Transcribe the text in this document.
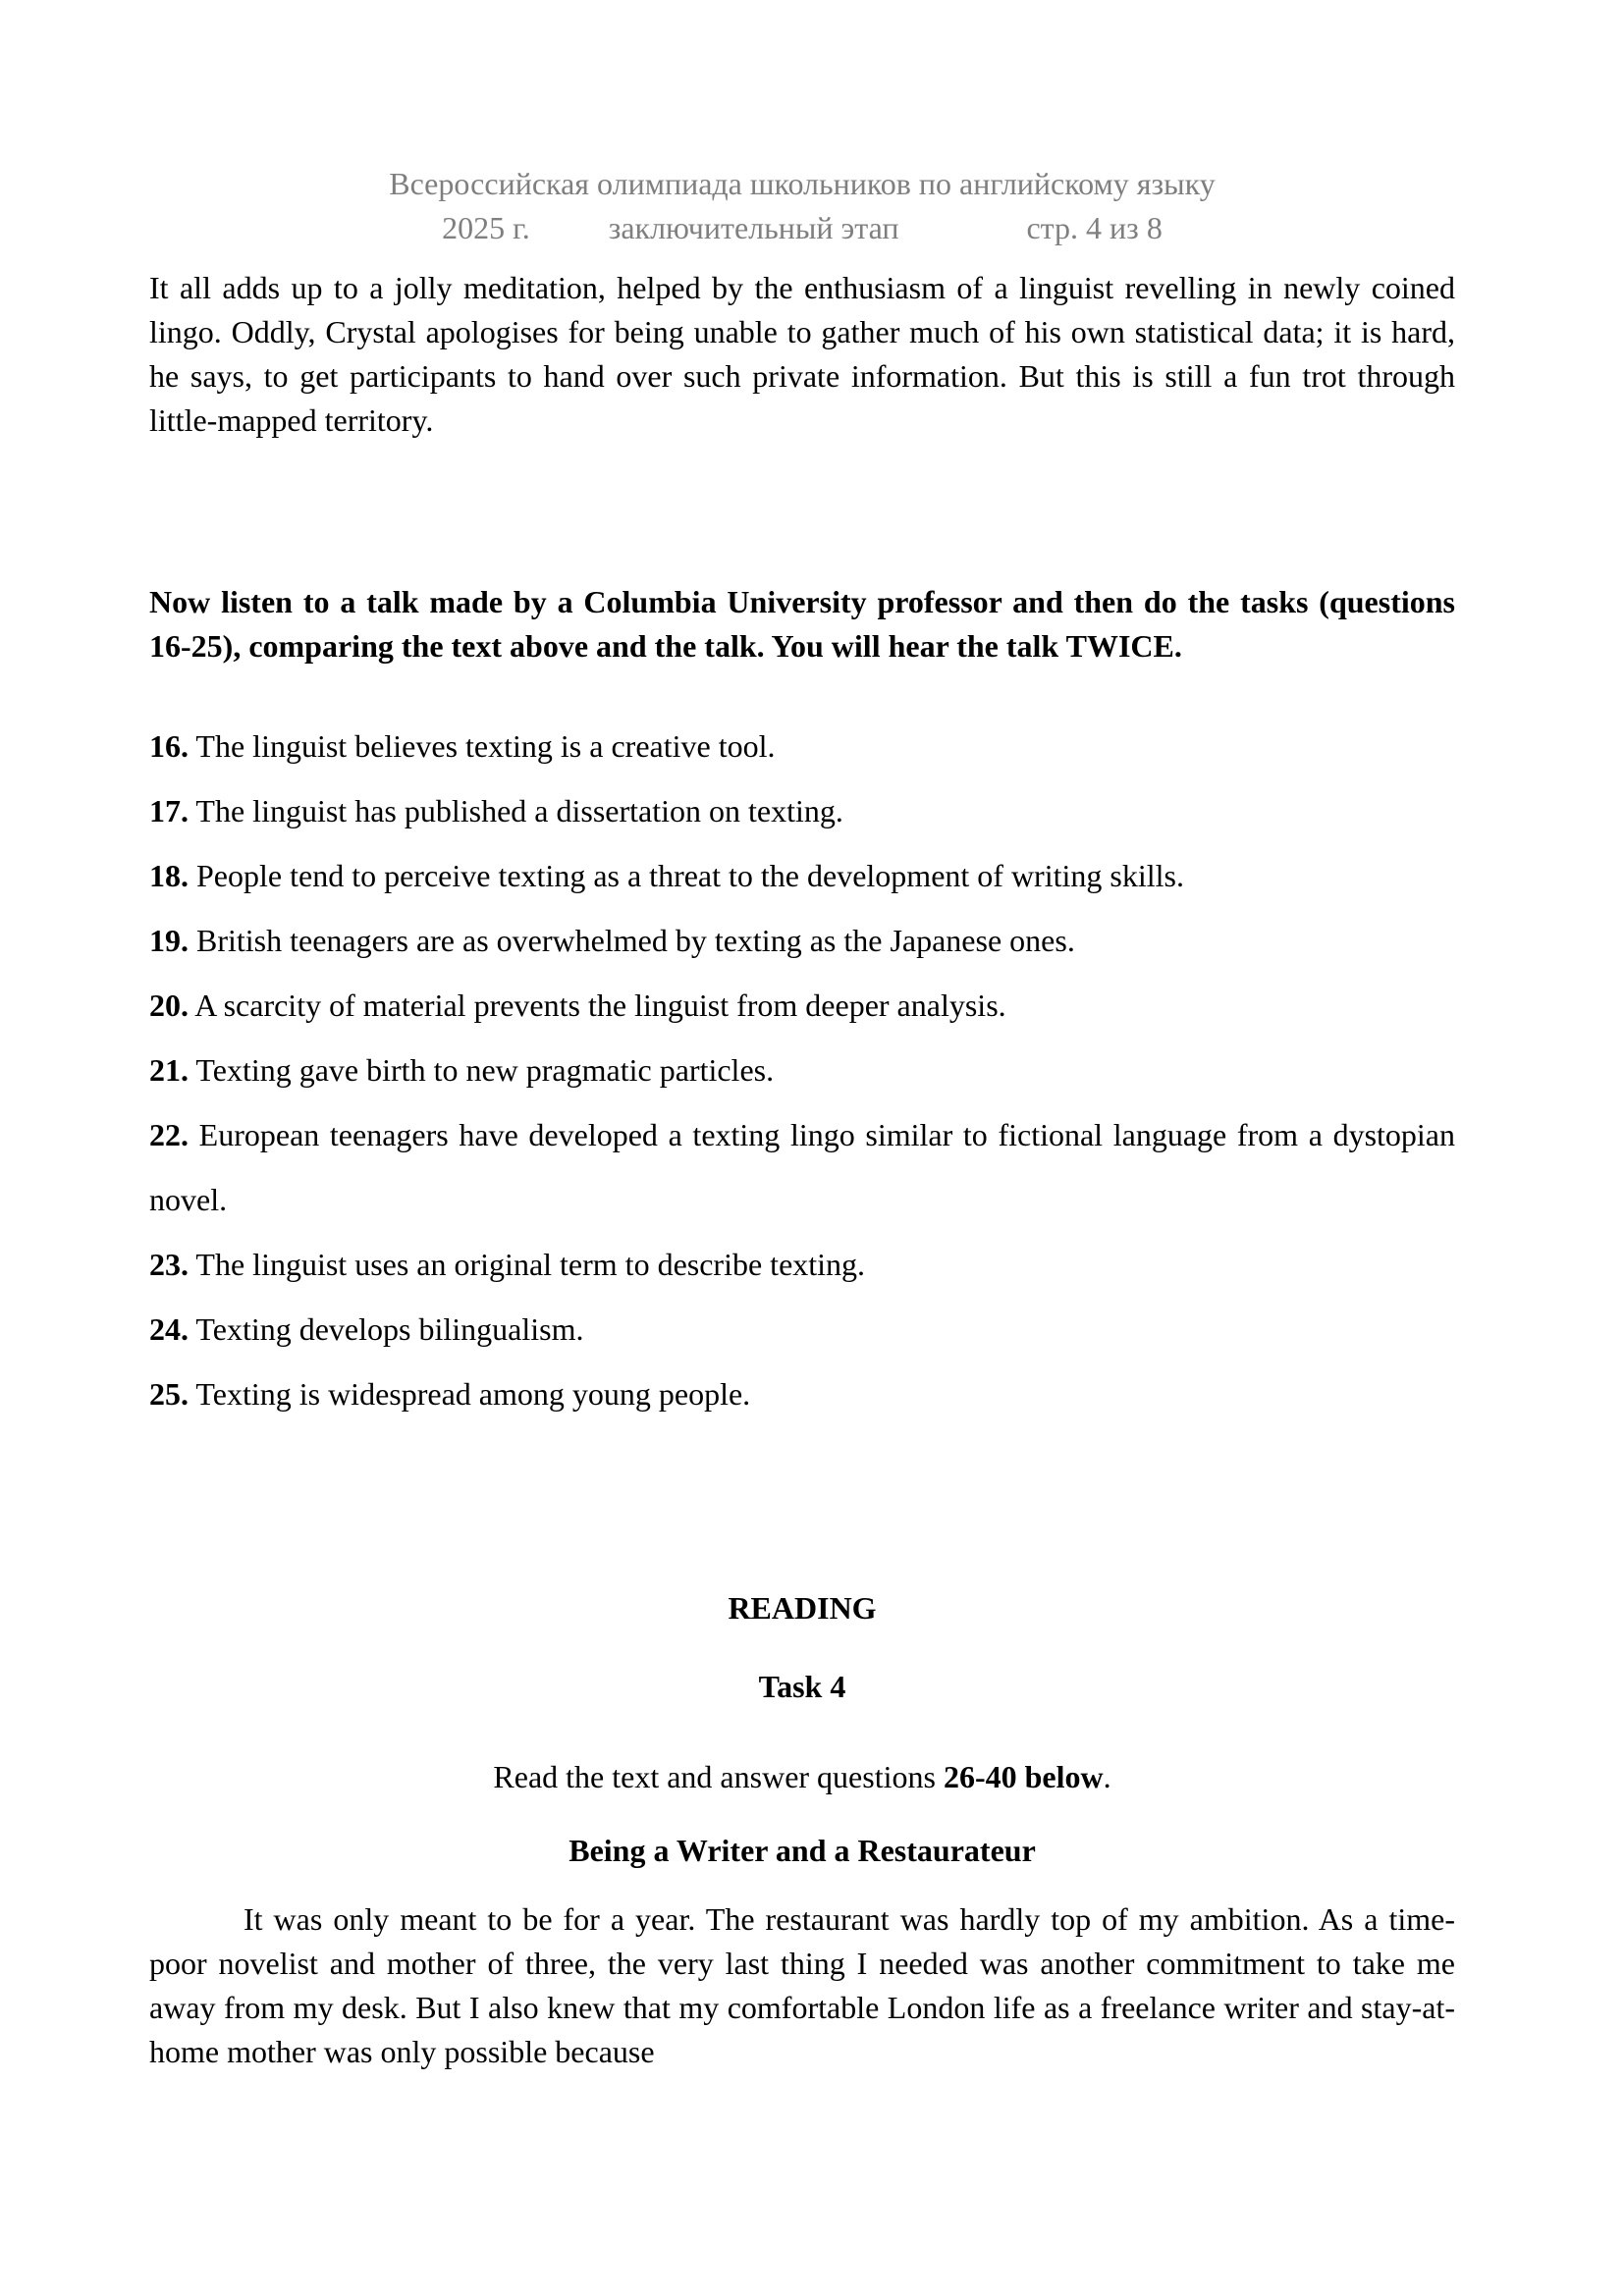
Всероссийская олимпиада школьников по английскому языку
2025 г.	заключительный этап	стр. 4 из 8

It all adds up to a jolly meditation, helped by the enthusiasm of a linguist revelling in newly coined lingo. Oddly, Crystal apologises for being unable to gather much of his own statistical data; it is hard, he says, to get participants to hand over such private information. But this is still a fun trot through little-mapped territory.

Now listen to a talk made by a Columbia University professor and then do the tasks (questions 16-25), comparing the text above and the talk. You will hear the talk TWICE.

16. The linguist believes texting is a creative tool.
17. The linguist has published a dissertation on texting.
18. People tend to perceive texting as a threat to the development of writing skills.
19. British teenagers are as overwhelmed by texting as the Japanese ones.
20. A scarcity of material prevents the linguist from deeper analysis.
21. Texting gave birth to new pragmatic particles.
22. European teenagers have developed a texting lingo similar to fictional language from a dystopian novel.
23. The linguist uses an original term to describe texting.
24. Texting develops bilingualism.
25. Texting is widespread among young people.
READING
Task 4
Read the text and answer questions 26-40 below.
Being a Writer and a Restaurateur

It was only meant to be for a year. The restaurant was hardly top of my ambition. As a time-poor novelist and mother of three, the very last thing I needed was another commitment to take me away from my desk. But I also knew that my comfortable London life as a freelance writer and stay-at-home mother was only possible because
